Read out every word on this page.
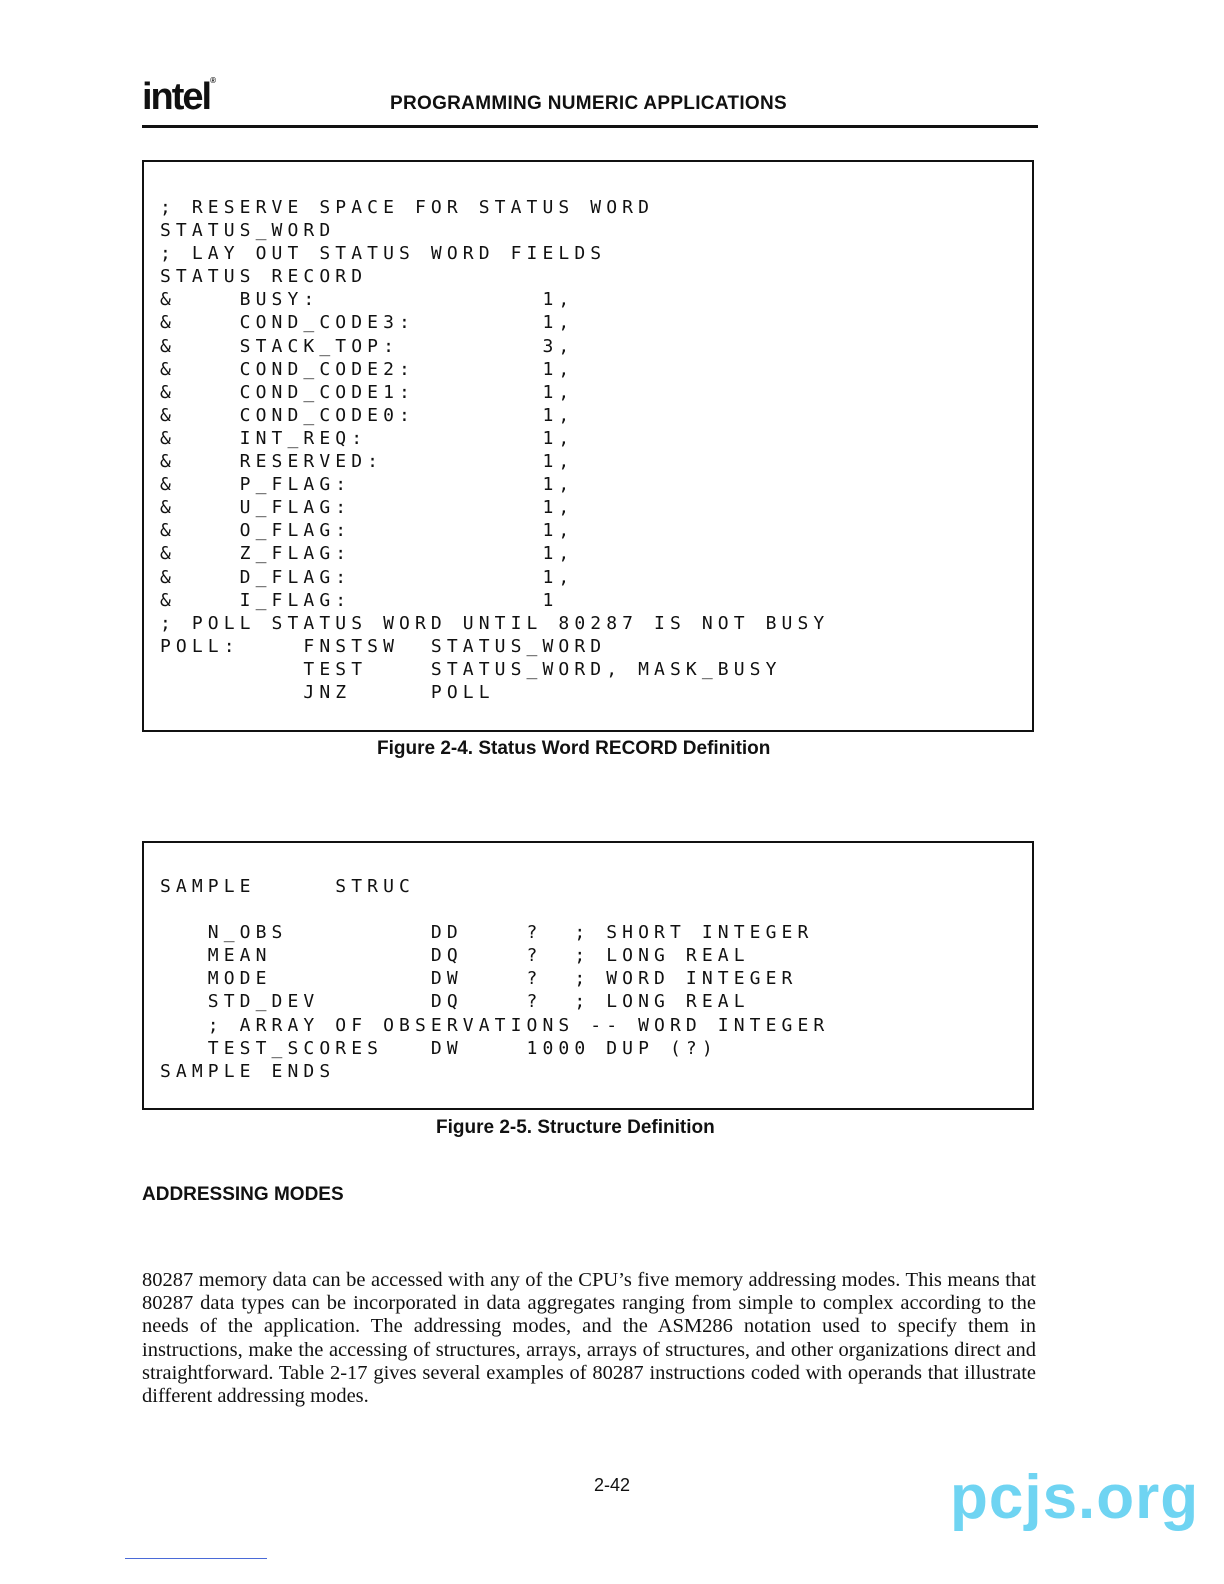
intel®
PROGRAMMING NUMERIC APPLICATIONS
; RESERVE SPACE FOR STATUS WORD
STATUS_WORD
; LAY OUT STATUS WORD FIELDS
STATUS RECORD
&    BUSY:              1,
&    COND_CODE3:        1,
&    STACK_TOP:         3,
&    COND_CODE2:        1,
&    COND_CODE1:        1,
&    COND_CODE0:        1,
&    INT_REQ:           1,
&    RESERVED:          1,
&    P_FLAG:            1,
&    U_FLAG:            1,
&    O_FLAG:            1,
&    Z_FLAG:            1,
&    D_FLAG:            1,
&    I_FLAG:            1
; POLL STATUS WORD UNTIL 80287 IS NOT BUSY
POLL:    FNSTSW  STATUS_WORD
TEST    STATUS_WORD, MASK_BUSY
JNZ     POLL
Figure 2-4. Status Word RECORD Definition
SAMPLE     STRUC

N_OBS         DD    ?  ; SHORT INTEGER
MEAN          DQ    ?  ; LONG REAL
MODE          DW    ?  ; WORD INTEGER
STD_DEV       DQ    ?  ; LONG REAL
; ARRAY OF OBSERVATIONS -- WORD INTEGER
TEST_SCORES   DW    1000 DUP (?)
SAMPLE ENDS
Figure 2-5. Structure Definition
ADDRESSING MODES

80287 memory data can be accessed with any of the CPU’s five memory addressing modes. This means that 80287 data types can be incorporated in data aggregates ranging from simple to complex according to the needs of the application. The addressing modes, and the ASM286 notation used to specify them in instructions, make the accessing of structures, arrays, arrays of structures, and other organizations direct and straightforward. Table 2-17 gives several examples of 80287 instructions coded with operands that illustrate different addressing modes.

2-42	pcjs.org
